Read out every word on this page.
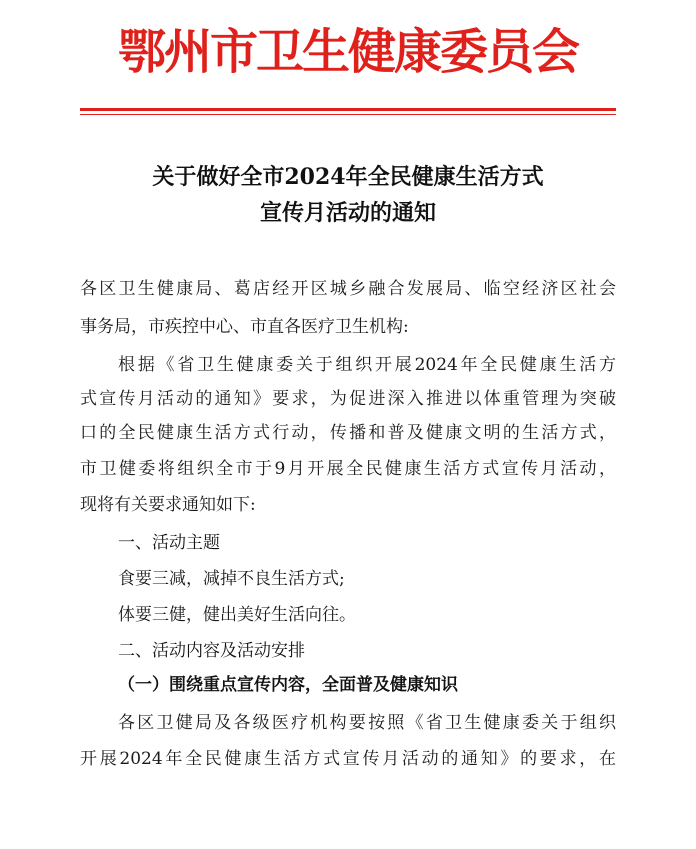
鄂州市卫生健康委员会
关于做好全市2024年全民健康生活方式
宣传月活动的通知
各区卫生健康局、葛店经开区城乡融合发展局、临空经济区社会
事务局，市疾控中心、市直各医疗卫生机构:
根据《省卫生健康委关于组织开展2024年全民健康生活方
式宣传月活动的通知》要求，为促进深入推进以体重管理为突破
口的全民健康生活方式行动，传播和普及健康文明的生活方式，
市卫健委将组织全市于9月开展全民健康生活方式宣传月活动，
现将有关要求通知如下:
一、活动主题
食要三减，减掉不良生活方式;
体要三健，健出美好生活向往。
二、活动内容及活动安排
（一）围绕重点宣传内容，全面普及健康知识
各区卫健局及各级医疗机构要按照《省卫生健康委关于组织
开展2024年全民健康生活方式宣传月活动的通知》的要求，在
